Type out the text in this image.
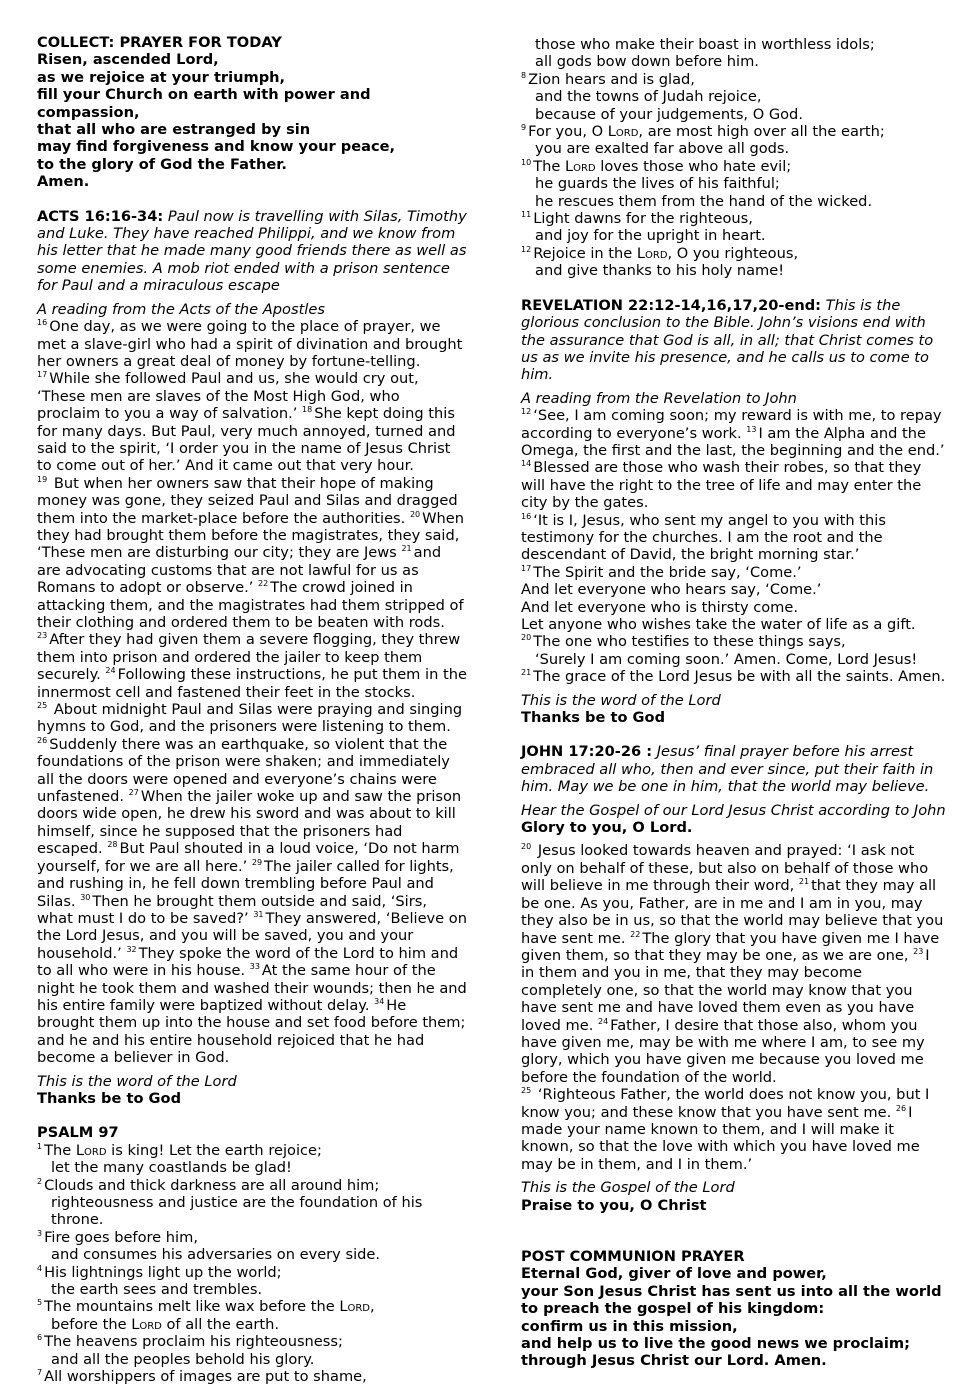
COLLECT: PRAYER FOR TODAY

Risen, ascended Lord,

as we rejoice at your triumph,

fill your Church on earth with power and compassion,

that all who are estranged by sin

may find forgiveness and know your peace,

to the glory of God the Father.

Amen.

ACTS 16:16-34: Paul now is travelling with Silas, Timothy and Luke. They have reached Philippi, and we know from his letter that he made many good friends there as well as some enemies. A mob riot ended with a prison sentence for Paul and a miraculous escape

A reading from the Acts of the Apostles

$^{16}$ One day, as we were going to the place of prayer, we met a slave-girl who had a spirit of divination and brought her owners a great deal of money by fortune-telling. $^{17}$ While she followed Paul and us, she would cry out, ‘These men are slaves of the Most High God, who proclaim to you a way of salvation.’ $^{18}$ She kept doing this for many days. But Paul, very much annoyed, turned and said to the spirit, ‘I order you in the name of Jesus Christ to come out of her.’ And it came out that very hour.

$^{19}$ But when her owners saw that their hope of making money was gone, they seized Paul and Silas and dragged them into the market-place before the authorities. $^{20}$ When they had brought them before the magistrates, they said, ‘These men are disturbing our city; they are Jews $^{21}$ and are advocating customs that are not lawful for us as Romans to adopt or observe.’ $^{22}$ The crowd joined in attacking them, and the magistrates had them stripped of their clothing and ordered them to be beaten with rods. $^{23}$ After they had given them a severe flogging, they threw them into prison and ordered the jailer to keep them securely. $^{24}$ Following these instructions, he put them in the innermost cell and fastened their feet in the stocks.

$^{25}$ About midnight Paul and Silas were praying and singing hymns to God, and the prisoners were listening to them. $^{26}$ Suddenly there was an earthquake, so violent that the foundations of the prison were shaken; and immediately all the doors were opened and everyone’s chains were unfastened. $^{27}$ When the jailer woke up and saw the prison doors wide open, he drew his sword and was about to kill himself, since he supposed that the prisoners had escaped. $^{28}$ But Paul shouted in a loud voice, ‘Do not harm yourself, for we are all here.’ $^{29}$ The jailer called for lights, and rushing in, he fell down trembling before Paul and Silas. $^{30}$ Then he brought them outside and said, ‘Sirs, what must I do to be saved?’ $^{31}$ They answered, ‘Believe on the Lord Jesus, and you will be saved, you and your household.’ $^{32}$ They spoke the word of the Lord to him and to all who were in his house. $^{33}$ At the same hour of the night he took them and washed their wounds; then he and his entire family were baptized without delay. $^{34}$ He brought them up into the house and set food before them; and he and his entire household rejoiced that he had become a believer in God.

This is the word of the Lord

Thanks be to God

PSALM 97

$^1$ The Lord is king! Let the earth rejoice;

let the many coastlands be glad!

$^2$ Clouds and thick darkness are all around him;

righteousness and justice are the foundation of his

throne.

$^3$ Fire goes before him,

and consumes his adversaries on every side.

$^4$ His lightnings light up the world;

the earth sees and trembles.

$^5$ The mountains melt like wax before the Lord,

before the Lord of all the earth.

$^6$ The heavens proclaim his righteousness;

and all the peoples behold his glory.

$^7$ All worshippers of images are put to shame,

those who make their boast in worthless idols;

all gods bow down before him.

$^8$ Zion hears and is glad,

and the towns of Judah rejoice,

because of your judgements, O God.

$^9$ For you, O Lord, are most high over all the earth;

you are exalted far above all gods.

$^{10}$ The Lord loves those who hate evil;

he guards the lives of his faithful;

he rescues them from the hand of the wicked.

$^{11}$ Light dawns for the righteous,

and joy for the upright in heart.

$^{12}$ Rejoice in the Lord, O you righteous,

and give thanks to his holy name!

REVELATION 22:12-14,16,17,20-end: This is the glorious conclusion to the Bible. John’s visions end with the assurance that God is all, in all; that Christ comes to us as we invite his presence, and he calls us to come to him.

A reading from the Revelation to John

$^{12}$ ‘See, I am coming soon; my reward is with me, to repay according to everyone’s work. $^{13}$ I am the Alpha and the Omega, the first and the last, the beginning and the end.’

$^{14}$ Blessed are those who wash their robes, so that they will have the right to the tree of life and may enter the city by the gates.

$^{16}$ ‘It is I, Jesus, who sent my angel to you with this testimony for the churches. I am the root and the descendant of David, the bright morning star.’

$^{17}$ The Spirit and the bride say, ‘Come.’

And let everyone who hears say, ‘Come.’

And let everyone who is thirsty come.

Let anyone who wishes take the water of life as a gift.

$^{20}$ The one who testifies to these things says,

‘Surely I am coming soon.’ Amen. Come, Lord Jesus!

$^{21}$ The grace of the Lord Jesus be with all the saints. Amen.

This is the word of the Lord

Thanks be to God

JOHN 17:20-26 : Jesus’ final prayer before his arrest embraced all who, then and ever since, put their faith in him. May we be one in him, that the world may believe.

Hear the Gospel of our Lord Jesus Christ according to John

Glory to you, O Lord.

$^{20}$ Jesus looked towards heaven and prayed: ‘I ask not only on behalf of these, but also on behalf of those who will believe in me through their word, $^{21}$ that they may all be one. As you, Father, are in me and I am in you, may they also be in us, so that the world may believe that you have sent me. $^{22}$ The glory that you have given me I have given them, so that they may be one, as we are one, $^{23}$ I in them and you in me, that they may become completely one, so that the world may know that you have sent me and have loved them even as you have loved me. $^{24}$ Father, I desire that those also, whom you have given me, may be with me where I am, to see my glory, which you have given me because you loved me before the foundation of the world.

$^{25}$ ‘Righteous Father, the world does not know you, but I know you; and these know that you have sent me. $^{26}$ I made your name known to them, and I will make it known, so that the love with which you have loved me may be in them, and I in them.’

This is the Gospel of the Lord

Praise to you, O Christ

POST COMMUNION PRAYER

Eternal God, giver of love and power,

your Son Jesus Christ has sent us into all the world

to preach the gospel of his kingdom:

confirm us in this mission,

and help us to live the good news we proclaim;

through Jesus Christ our Lord. Amen.
